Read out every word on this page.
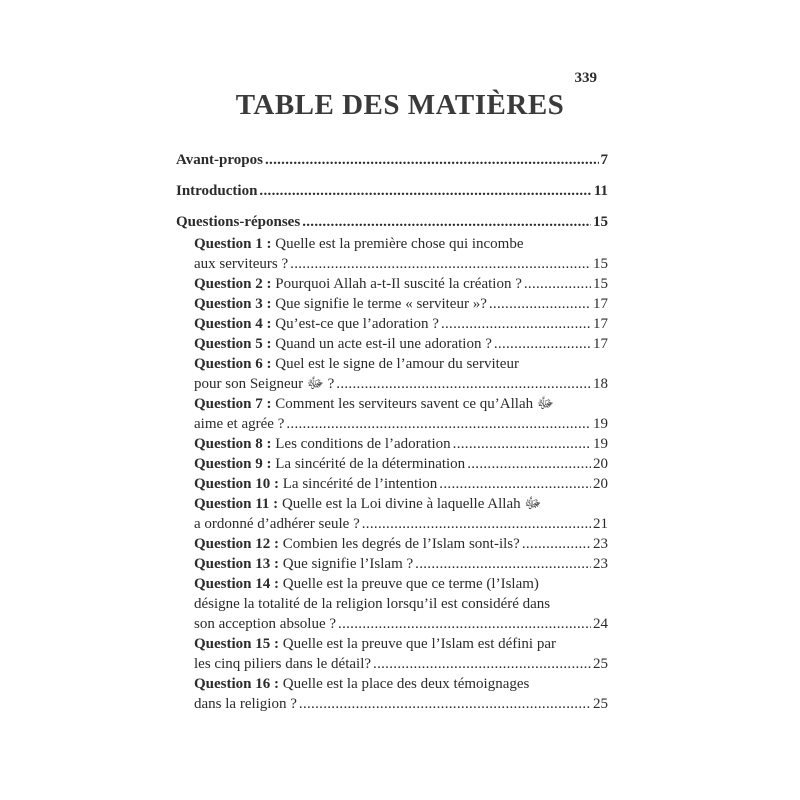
339
TABLE DES MATIÈRES
Avant-propos .....	7
Introduction .....	11
Questions-réponses .....	15
Question 1 : Quelle est la première chose qui incombe
aux serviteurs ? .....	15
Question 2 : Pourquoi Allah a-t-Il suscité la création ? .....	15
Question 3 : Que signifie le terme « serviteur »? .....	17
Question 4 : Qu’est-ce que l’adoration ? .....	17
Question 5 : Quand un acte est-il une adoration ? .....	17
Question 6 : Quel est le signe de l’amour du serviteur
pour son Seigneur ﷻ ? .....	18
Question 7 : Comment les serviteurs savent ce qu’Allah ﷻ
aime et agrée ? .....	19
Question 8 : Les conditions de l’adoration .....	19
Question 9 : La sincérité de la détermination .....	20
Question 10 : La sincérité de l’intention .....	20
Question 11 : Quelle est la Loi divine à laquelle Allah ﷻ
a ordonné d’adhérer seule ? .....	21
Question 12 : Combien les degrés de l’Islam sont-ils? .....	23
Question 13 : Que signifie l’Islam ? .....	23
Question 14 : Quelle est la preuve que ce terme (l’Islam)
désigne la totalité de la religion lorsqu’il est considéré dans
son acception absolue ? .....	24
Question 15 : Quelle est la preuve que l’Islam est défini par
les cinq piliers dans le détail? .....	25
Question 16 : Quelle est la place des deux témoignages
dans la religion ? .....	25
